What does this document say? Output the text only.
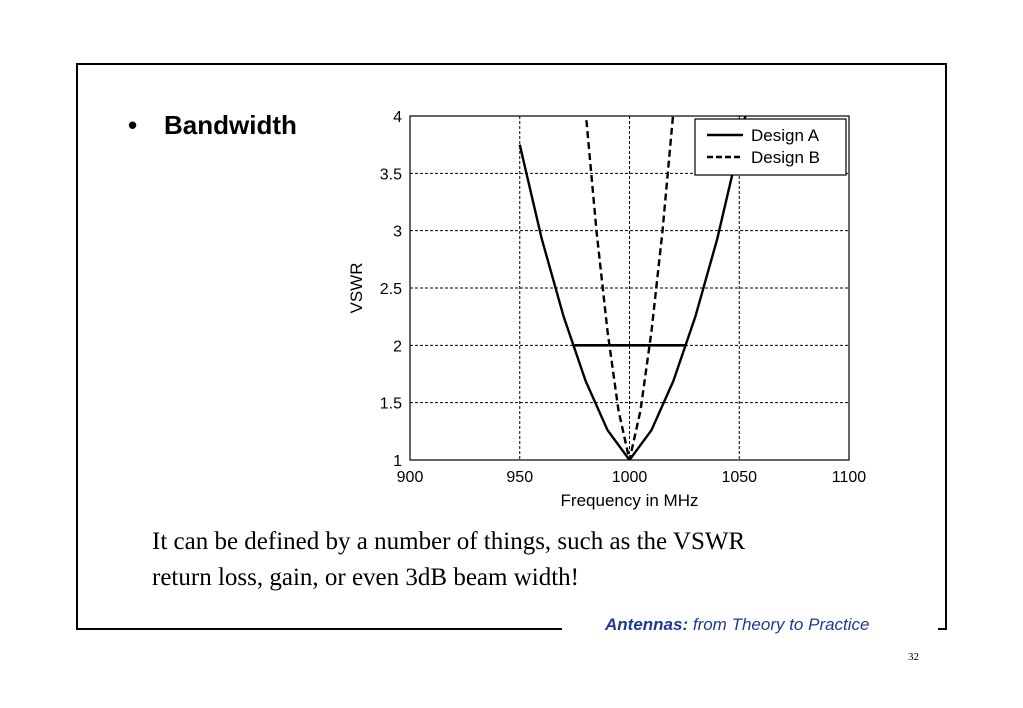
• Bandwidth
900	950	1000	1050	1100
1
1.5
2
2.5
3
3.5
4
Frequency in MHz
VSWR
Design A
Design B
It can be defined by a number of things, such as the VSWR
return loss, gain, or even 3dB beam width!
Antennas: from Theory to Practice
32
